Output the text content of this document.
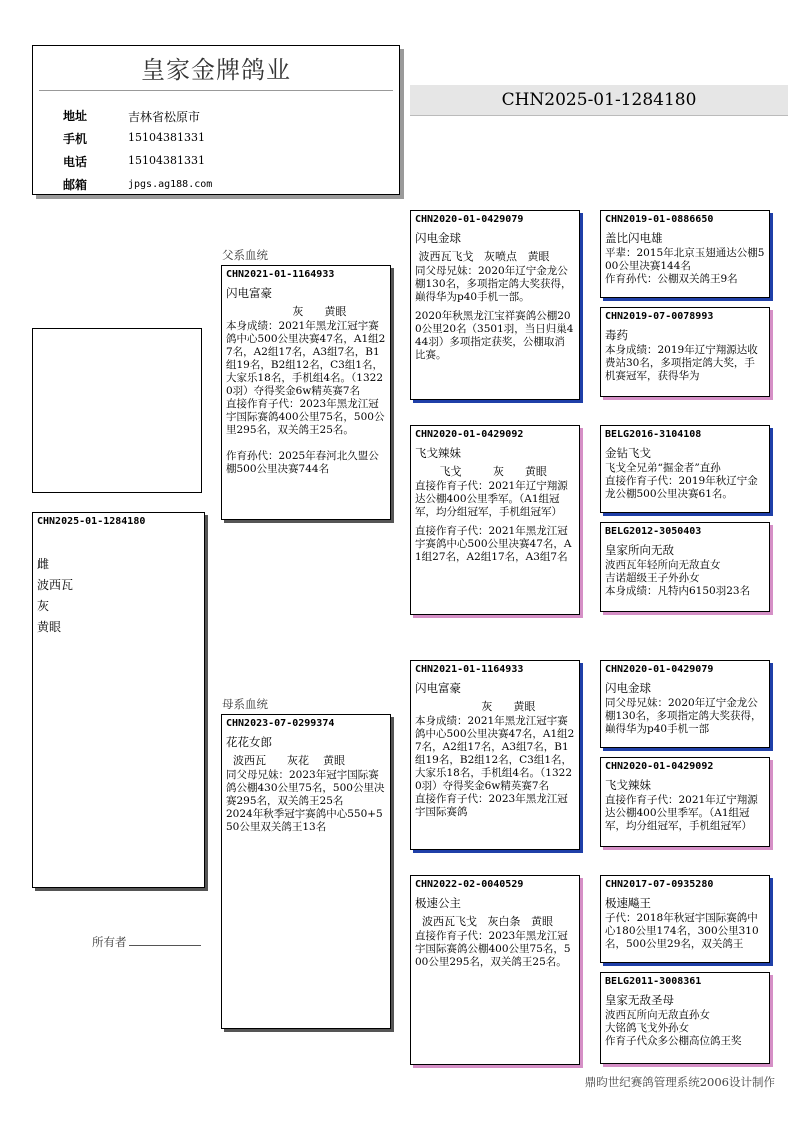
皇家金牌鸽业
地址	吉林省松原市
手机	15104381331
电话	15104381331
邮箱	jpgs.ag188.com
CHN2025-01-1284180
CHN2025-01-1284180
雌
波西瓦
灰
黄眼
父系血统
母系血统
所有者
CHN2021-01-1164933
闪电富豪
灰      黄眼
本身成绩：2021年黑龙江冠宇赛鸽中心500公里决赛47名，A1组27名，A2组17名，A3组7名，B1组19名，B2组12名，C3组1名，大家乐18名，手机组4名。（13220羽）夺得奖金6w精英赛7名
直接作育子代：2023年黑龙江冠宇国际赛鸽400公里75名，500公里295名，双关鸽王25名。

作育孙代：2025年春河北久盟公棚500公里决赛744名
CHN2023-07-0299374
花花女郎
波西瓦      灰花    黄眼
同父母兄妹：2023年冠宇国际赛鸽公棚430公里75名，500公里决赛295名，双关鸽王25名
2024年秋季冠宇赛鸽中心550+550公里双关鸽王13名
CHN2020-01-0429079
闪电金球
波西瓦飞戈   灰喷点   黄眼
同父母兄妹：2020年辽宁金龙公棚130名，多项指定鸽大奖获得，巅得华为p40手机一部。
2020年秋黑龙江宝祥赛鸽公棚200公里20名（3501羽，当日归巢444羽）多项指定获奖，公棚取消比赛。
CHN2020-01-0429092
飞戈辣妹
飞戈         灰      黄眼
直接作育子代：2021年辽宁翔源达公棚400公里季军。（A1组冠军，均分组冠军，手机组冠军）
直接作育子代：2021年黑龙江冠宇赛鸽中心500公里决赛47名，A1组27名，A2组17名，A3组7名
CHN2021-01-1164933
闪电富豪
灰      黄眼
本身成绩：2021年黑龙江冠宇赛鸽中心500公里决赛47名，A1组27名，A2组17名，A3组7名，B1组19名，B2组12名，C3组1名，大家乐18名，手机组4名。（13220羽）夺得奖金6w精英赛7名
直接作育子代：2023年黑龙江冠宇国际赛鸽
CHN2022-02-0040529
极速公主
波西瓦飞戈   灰白条   黄眼
直接作育子代：2023年黑龙江冠宇国际赛鸽公棚400公里75名，500公里295名，双关鸽王25名。
CHN2019-01-0886650
盖比闪电雄
平辈：2015年北京玉翅通达公棚500公里决赛144名
作育孙代：公棚双关鸽王9名
CHN2019-07-0078993
毒药
本身成绩：2019年辽宁翔源达收费站30名，多项指定鸽大奖，手机赛冠军，获得华为
BELG2016-3104108
金钻飞戈
飞戈全兄弟“掘金者”直孙
直接作育子代：2019年秋辽宁金龙公棚500公里决赛61名。
BELG2012-3050403
皇家所向无敌
波西瓦年轻所向无敌直女
吉诺超级王子外孙女
本身成绩：凡特内6150羽23名
CHN2020-01-0429079
闪电金球
同父母兄妹：2020年辽宁金龙公棚130名，多项指定鸽大奖获得，巅得华为p40手机一部
CHN2020-01-0429092
飞戈辣妹
直接作育子代：2021年辽宁翔源达公棚400公里季军。（A1组冠军，均分组冠军，手机组冠军）
CHN2017-07-0935280
极速飚王
子代：2018年秋冠宇国际赛鸽中心180公里174名，300公里310名，500公里29名，双关鸽王
BELG2011-3008361
皇家无敌圣母
波西瓦所向无敌直孙女
大铭鸽飞戈外孙女
作育子代众多公棚高位鸽王奖
鼎昀世纪赛鸽管理系统2006设计制作
